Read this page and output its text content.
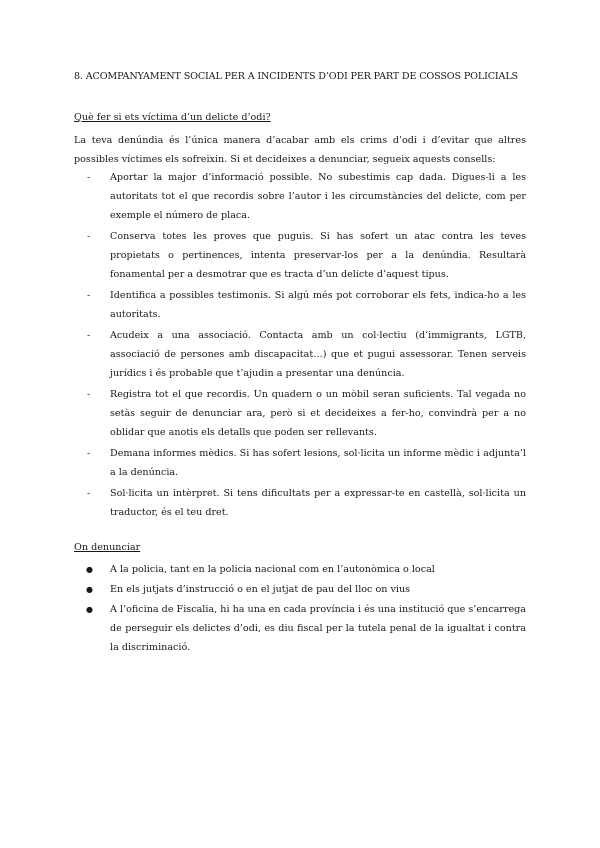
8. ACOMPANYAMENT SOCIAL PER A INCIDENTS D’ODI PER PART DE COSSOS POLICIALS
Què fer si ets víctima d’un delicte d’odi?

La teva denúndia és l’única manera d’acabar amb els crims d’odi i d’evitar que altres possibles víctimes els sofreixin. Si et decideixes a denunciar, segueix aquests consells:

-	Aportar la major d’informació possible. No subestimis cap dada. Digues-li a les autoritats tot el que recordis sobre l’autor i les circumstàncies del delicte, com per exemple el número de placa.
-	Conserva totes les proves que puguis. Si has sofert un atac contra les teves propietats o pertinences, intenta preservar-los per a la denúndia. Resultarà fonamental per a desmotrar que es tracta d’un delicte d’aquest tipus.
-	Identifica a possibles testimonis. Si algú més pot corroborar els fets, indica-ho a les autoritats.
-	Acudeix a una associació. Contacta amb un col·lectiu (d’immigrants, LGTB, associació de persones amb discapacitat…) que et pugui assessorar. Tenen serveis jurídics i és probable que t’ajudin a presentar una denúncia.
-	Registra tot el que recordis. Un quadern o un mòbil seran suficients. Tal vegada no setàs seguir de denunciar ara, però si et decideixes a fer-ho, convindrà per a no oblidar que anotis els detalls que poden ser rellevants.
-	Demana informes mèdics. Si has sofert lesions, sol·licita un informe mèdic i adjunta’l a la denúncia.
-	Sol·licita un intèrpret. Si tens dificultats per a expressar-te en castellà, sol·licita un traductor, és el teu dret.
On denunciar
●	A la policia, tant en la policia nacional com en l’autonòmica o local
●	En els jutjats d’instrucció o en el jutjat de pau del lloc on vius
●	A l’oficina de Fiscalia, hi ha una en cada província i és una institució que s’encarrega de perseguir els delictes d’odi, es diu fiscal per la tutela penal de la igualtat i contra la discriminació.
